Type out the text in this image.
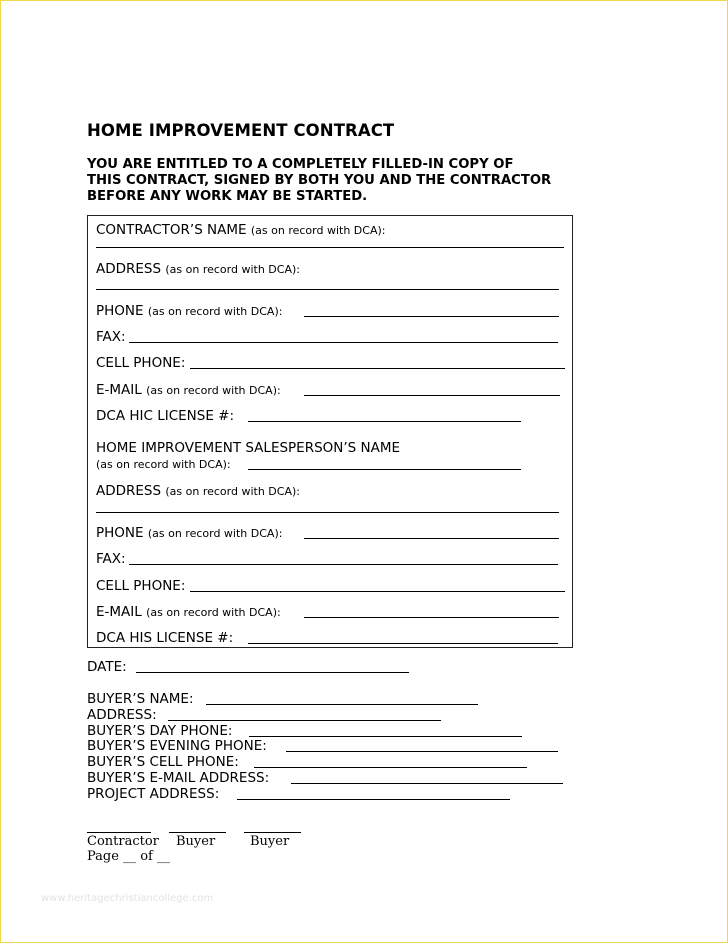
HOME IMPROVEMENT CONTRACT
YOU ARE ENTITLED TO A COMPLETELY FILLED-IN COPY OF
THIS CONTRACT, SIGNED BY BOTH YOU AND THE CONTRACTOR
BEFORE ANY WORK MAY BE STARTED.
CONTRACTOR’S NAME (as on record with DCA):
ADDRESS (as on record with DCA):
PHONE (as on record with DCA):
FAX:
CELL PHONE:
E-MAIL (as on record with DCA):
DCA HIC LICENSE #:
HOME IMPROVEMENT SALESPERSON’S NAME
(as on record with DCA):
ADDRESS (as on record with DCA):
PHONE (as on record with DCA):
FAX:
CELL PHONE:
E-MAIL (as on record with DCA):
DCA HIS LICENSE #:
DATE:
BUYER’S NAME:
ADDRESS:
BUYER’S DAY PHONE:
BUYER’S EVENING PHONE:
BUYER’S CELL PHONE:
BUYER’S E-MAIL ADDRESS:
PROJECT ADDRESS:
Contractor Buyer	Buyer
Page __ of __
www.heritagechristiancollege.com
